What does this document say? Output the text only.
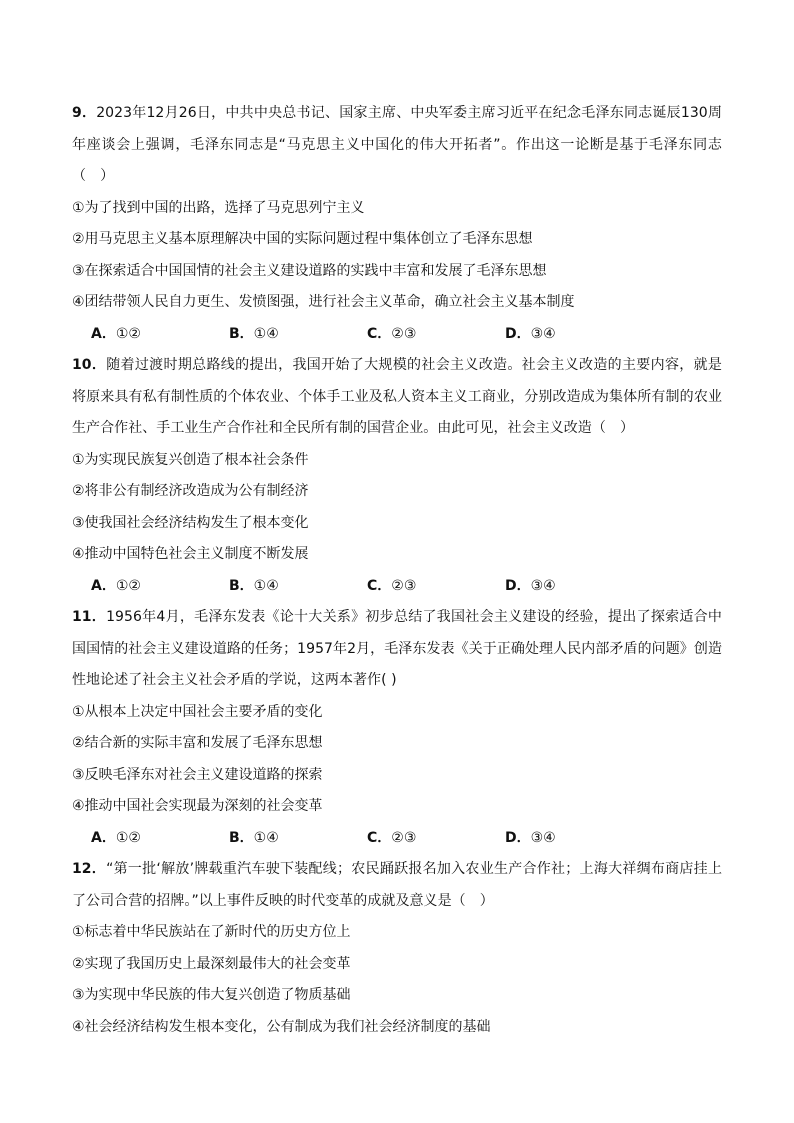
9．2023年12月26日，中共中央总书记、国家主席、中央军委主席习近平在纪念毛泽东同志诞辰130周年座谈会上强调，毛泽东同志是“马克思主义中国化的伟大开拓者”。作出这一论断是基于毛泽东同志（　）

①为了找到中国的出路，选择了马克思列宁主义

②用马克思主义基本原理解决中国的实际问题过程中集体创立了毛泽东思想

③在探索适合中国国情的社会主义建设道路的实践中丰富和发展了毛泽东思想

④团结带领人民自力更生、发愤图强，进行社会主义革命，确立社会主义基本制度

A．①②	B．①④	C．②③	D．③④

10．随着过渡时期总路线的提出，我国开始了大规模的社会主义改造。社会主义改造的主要内容，就是将原来具有私有制性质的个体农业、个体手工业及私人资本主义工商业，分别改造成为集体所有制的农业生产合作社、手工业生产合作社和全民所有制的国营企业。由此可见，社会主义改造（　）

①为实现民族复兴创造了根本社会条件

②将非公有制经济改造成为公有制经济

③使我国社会经济结构发生了根本变化

④推动中国特色社会主义制度不断发展

A．①②	B．①④	C．②③	D．③④

11．1956年4月，毛泽东发表《论十大关系》初步总结了我国社会主义建设的经验，提出了探索适合中国国情的社会主义建设道路的任务；1957年2月，毛泽东发表《关于正确处理人民内部矛盾的问题》创造性地论述了社会主义社会矛盾的学说，这两本著作( )

①从根本上决定中国社会主要矛盾的变化

②结合新的实际丰富和发展了毛泽东思想

③反映毛泽东对社会主义建设道路的探索

④推动中国社会实现最为深刻的社会变革

A．①②	B．①④	C．②③	D．③④

12．“第一批‘解放’牌载重汽车驶下装配线；农民踊跃报名加入农业生产合作社；上海大祥绸布商店挂上了公司合营的招牌。”以上事件反映的时代变革的成就及意义是（　）

①标志着中华民族站在了新时代的历史方位上

②实现了我国历史上最深刻最伟大的社会变革

③为实现中华民族的伟大复兴创造了物质基础

④社会经济结构发生根本变化，公有制成为我们社会经济制度的基础
